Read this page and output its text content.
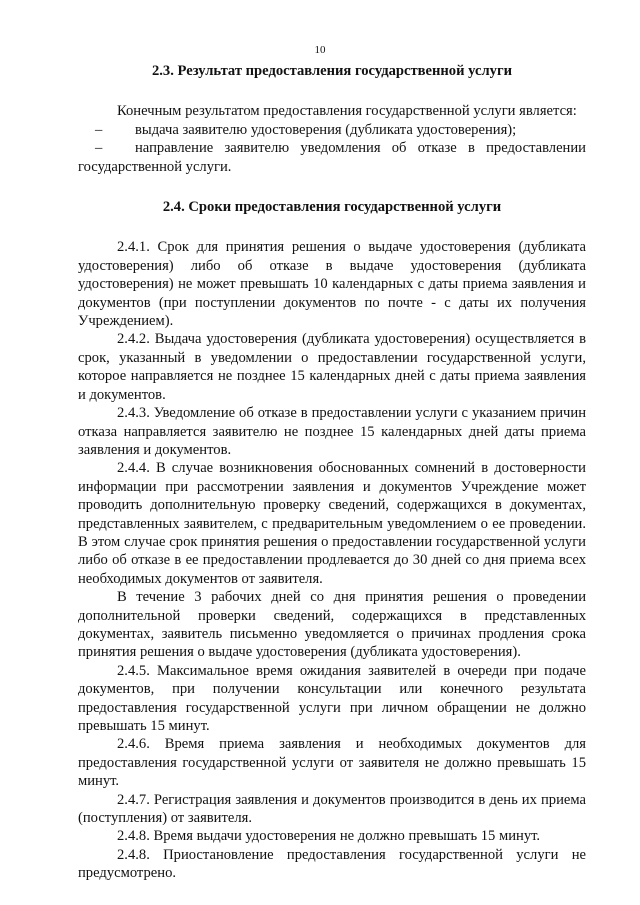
10
2.3. Результат предоставления государственной услуги

Конечным результатом предоставления государственной услуги является:

– выдача заявителю удостоверения (дубликата удостоверения);

– направление заявителю уведомления об отказе в предоставлении государственной услуги.

2.4. Сроки предоставления государственной услуги

2.4.1. Срок для принятия решения о выдаче удостоверения (дубликата удостоверения) либо об отказе в выдаче удостоверения (дубликата удостоверения) не может превышать 10 календарных с даты приема заявления и документов (при поступлении документов по почте - с даты их получения Учреждением).

2.4.2. Выдача удостоверения (дубликата удостоверения) осуществляется в срок, указанный в уведомлении о предоставлении государственной услуги, которое направляется не позднее 15 календарных дней с даты приема заявления и документов.

2.4.3. Уведомление об отказе в предоставлении услуги с указанием причин отказа направляется заявителю не позднее 15 календарных дней даты приема заявления и документов.

2.4.4. В случае возникновения обоснованных сомнений в достоверности информации при рассмотрении заявления и документов Учреждение может проводить дополнительную проверку сведений, содержащихся в документах, представленных заявителем, с предварительным уведомлением о ее проведении. В этом случае срок принятия решения о предоставлении государственной услуги либо об отказе в ее предоставлении продлевается до 30 дней со дня приема всех необходимых документов от заявителя.

В течение 3 рабочих дней со дня принятия решения о проведении дополнительной проверки сведений, содержащихся в представленных документах, заявитель письменно уведомляется о причинах продления срока принятия решения о выдаче удостоверения (дубликата удостоверения).

2.4.5. Максимальное время ожидания заявителей в очереди при подаче документов, при получении консультации или конечного результата предоставления государственной услуги при личном обращении не должно превышать 15 минут.

2.4.6. Время приема заявления и необходимых документов для предоставления государственной услуги от заявителя не должно превышать 15 минут.

2.4.7. Регистрация заявления и документов производится в день их приема (поступления) от заявителя.

2.4.8. Время выдачи удостоверения не должно превышать 15 минут.

2.4.8. Приостановление предоставления государственной услуги не предусмотрено.
